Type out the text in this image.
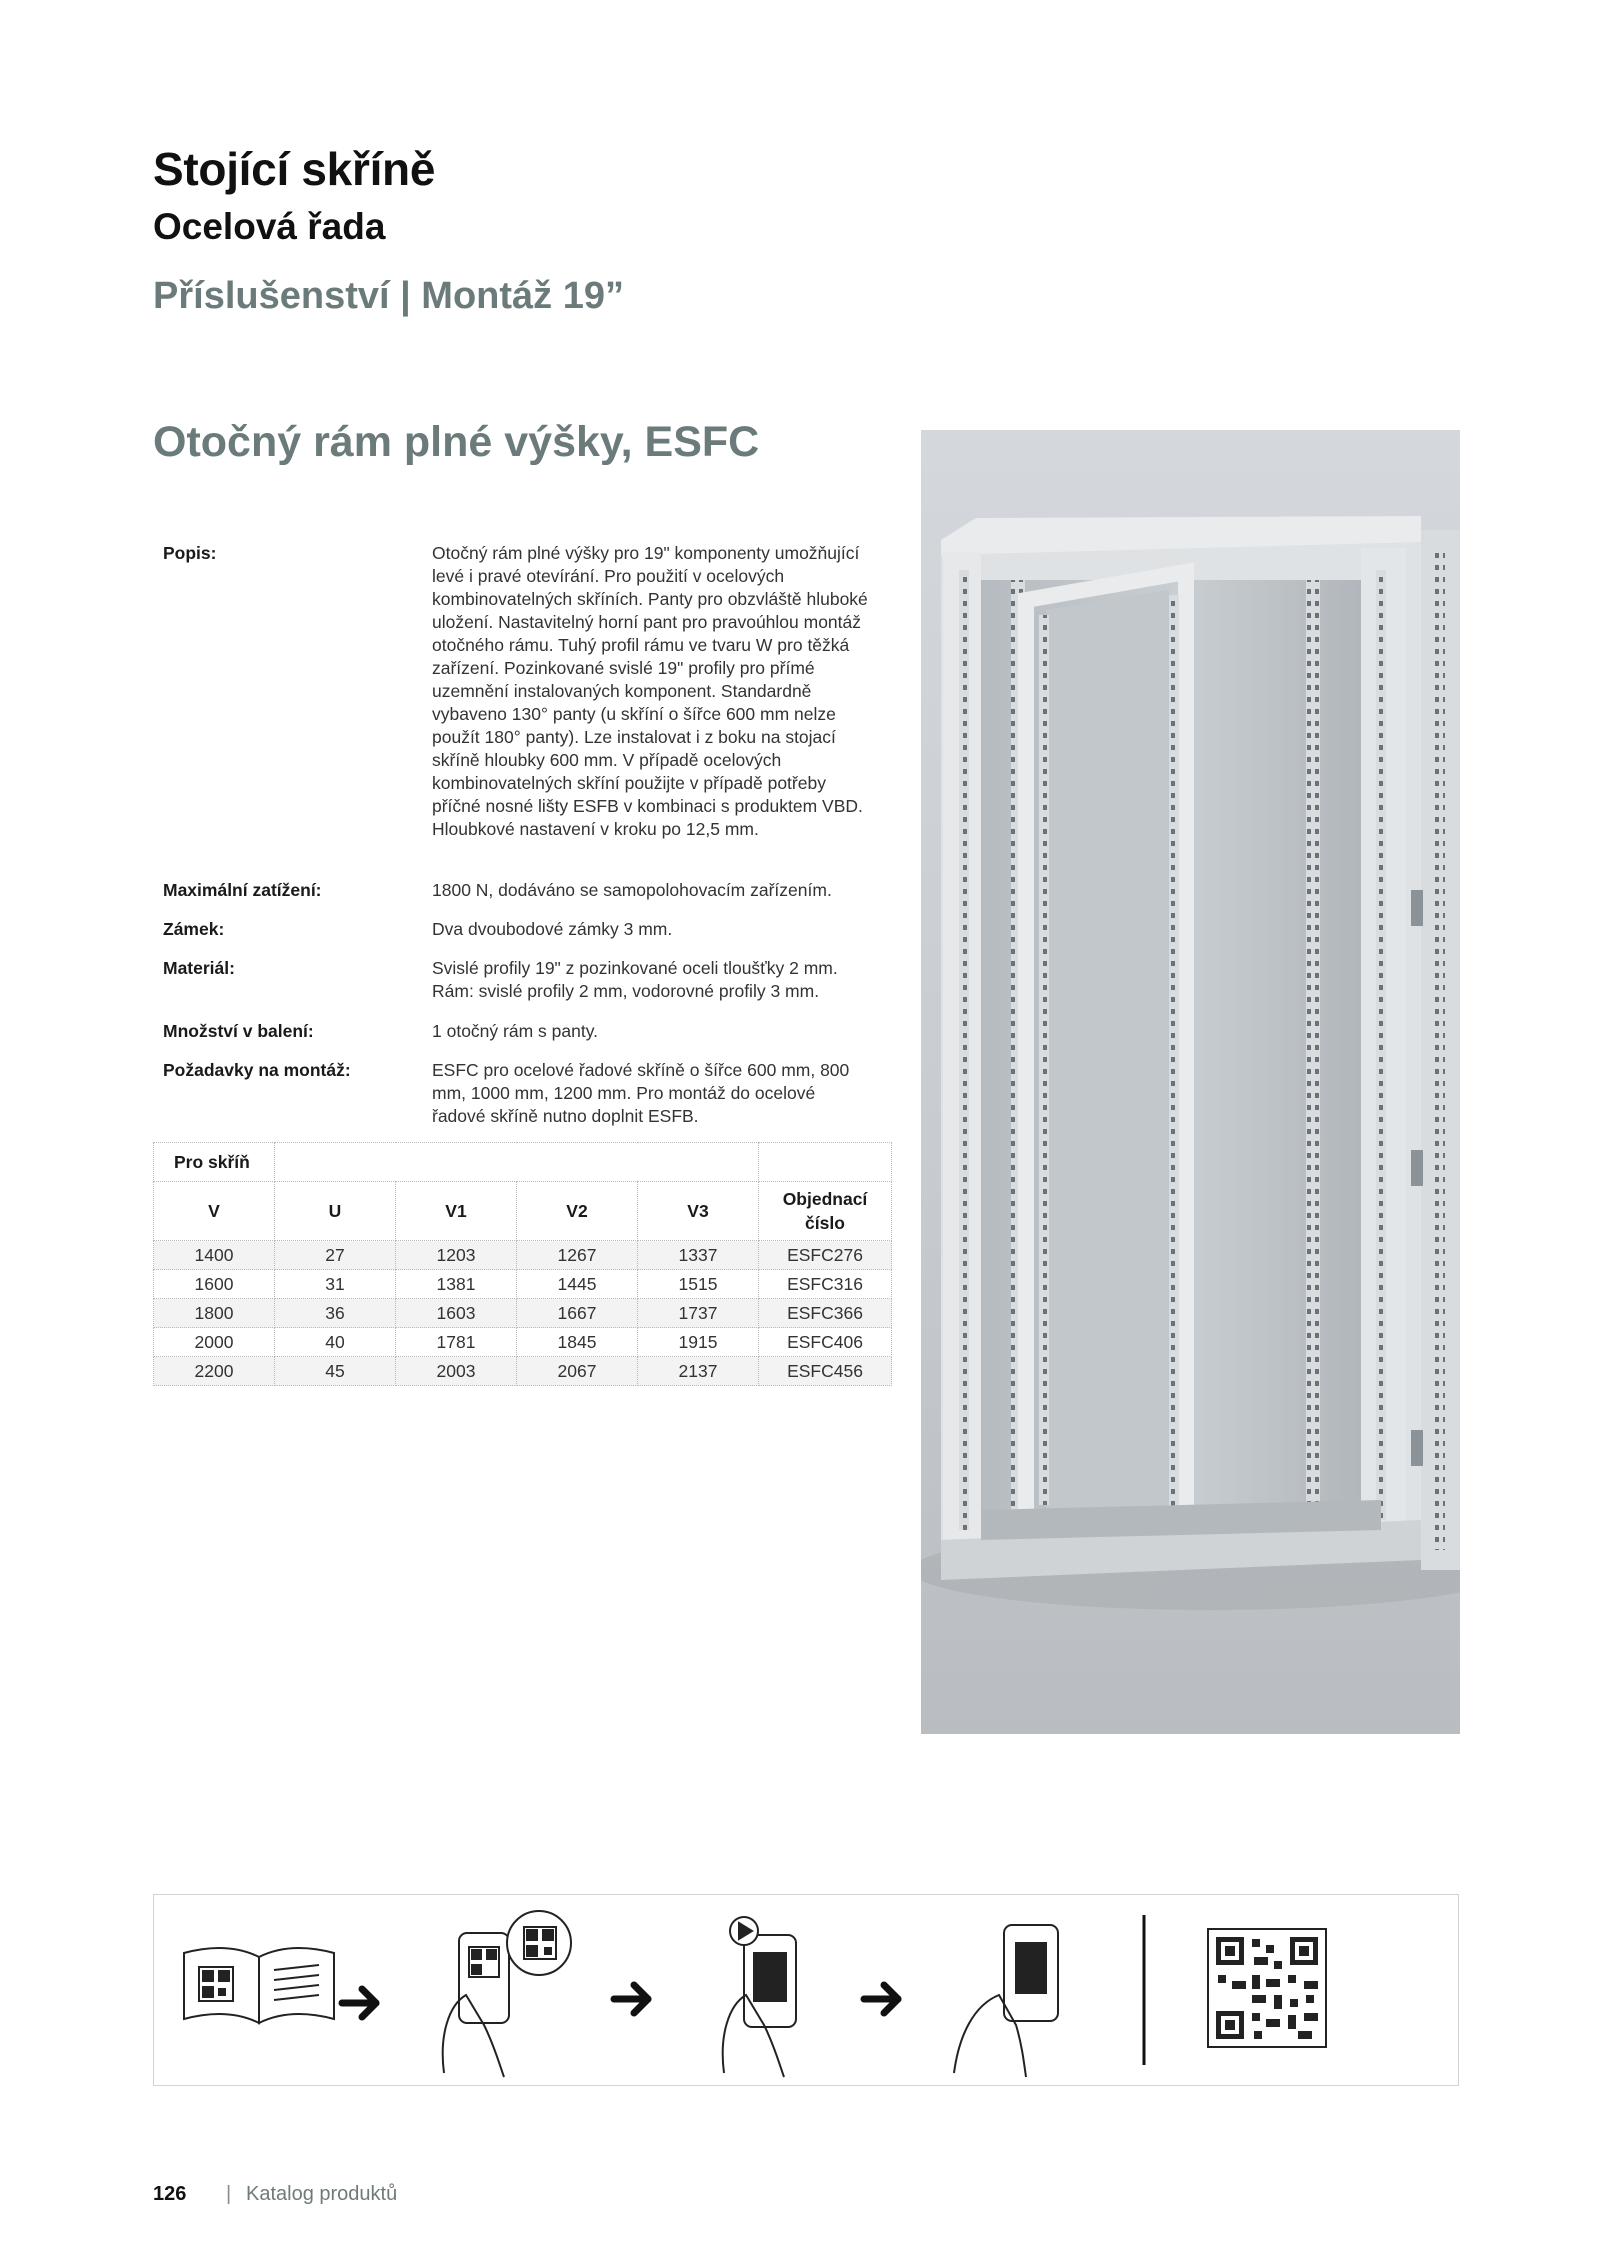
Stojící skříně
Ocelová řada
Příslušenství | Montáž 19”
Otočný rám plné výšky, ESFC
Popis:	Otočný rám plné výšky pro 19" komponenty umožňující levé i pravé otevírání. Pro použití v ocelových kombinovatelných skříních. Panty pro obzvláště hluboké uložení. Nastavitelný horní pant pro pravoúhlou montáž otočného rámu. Tuhý profil rámu ve tvaru W pro těžká zařízení. Pozinkované svislé 19" profily pro přímé uzemnění instalovaných komponent. Standardně vybaveno 130° panty (u skříní o šířce 600 mm nelze použít 180° panty). Lze instalovat i z boku na stojací skříně hloubky 600 mm. V případě ocelových kombinovatelných skříní použijte v případě potřeby příčné nosné lišty ESFB v kombinaci s produktem VBD. Hloubkové nastavení v kroku po 12,5 mm.
Maximální zatížení:	1800 N, dodáváno se samopolohovacím zařízením.
Zámek:	Dva dvoubodové zámky 3 mm.
Materiál:	Svislé profily 19" z pozinkované oceli tloušťky 2 mm. Rám: svislé profily 2 mm, vodorovné profily 3 mm.
Množství v balení:	1 otočný rám s panty.
Požadavky na montáž:	ESFC pro ocelové řadové skříně o šířce 600 mm, 800 mm, 1000 mm, 1200 mm. Pro montáž do ocelové řadové skříně nutno doplnit ESFB.
Pro skříň					
V	U	V1	V2	V3	Objednací číslo
1400	27	1203	1267	1337	ESFC276
1600	31	1381	1445	1515	ESFC316
1800	36	1603	1667	1737	ESFC366
2000	40	1781	1845	1915	ESFC406
2200	45	2003	2067	2137	ESFC456
126 | Katalog produktů
